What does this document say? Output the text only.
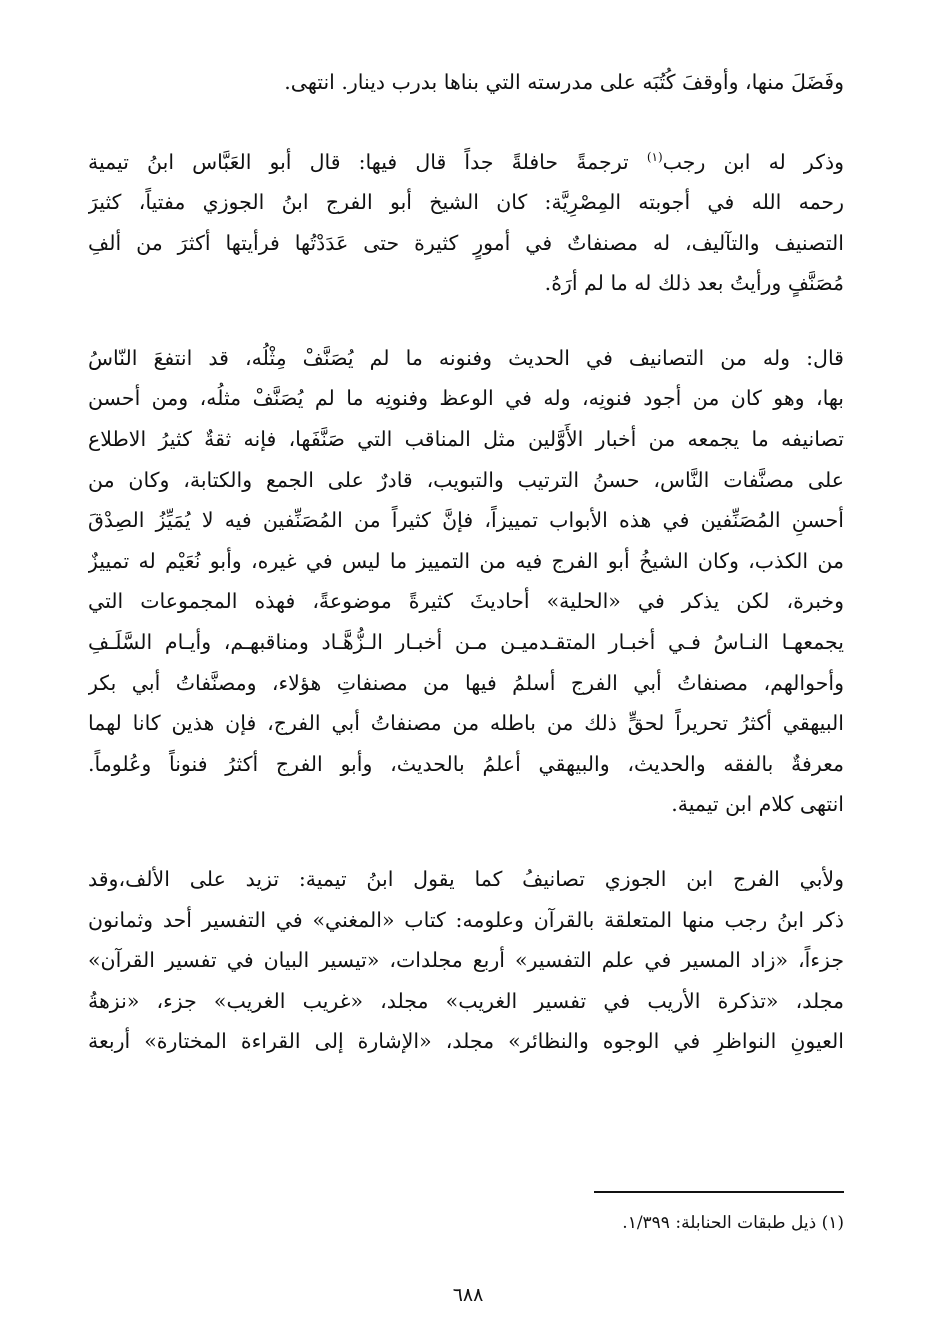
وفَضَلَ منها، وأوقفَ كُتُبَه على مدرسته التي بناها بدرب دينار. انتهى.

وذكر له ابن رجب$^{(١)}$ ترجمةً حافلةً جداً قال فيها: قال أبو العَبَّاس ابنُ تيمية
رحمه الله في أجوبته المِصْرِيَّة: كان الشيخ أبو الفرج ابنُ الجوزي مفتياً، كثيرَ
التصنيف والتآليف، له مصنفاتٌ في أمورٍ كثيرة حتى عَدَدْتُها فرأيتها أكثرَ من ألفِ
مُصَنَّفٍ ورأيتُ بعد ذلك له ما لم أرَهُ.

قال: وله من التصانيف في الحديث وفنونه ما لم يُصَنَّفْ مِثْلُه، قد انتفعَ النّاسُ
بها، وهو كان من أجود فنونِه، وله في الوعظ وفنونِه ما لم يُصَنَّفْ مثلُه، ومن أحسن
تصانيفه ما يجمعه من أخبار الأَوَّلين مثل المناقب التي صَنَّفَها، فإنه ثقةٌ كثيرُ الاطلاع
على مصنَّفات النَّاس، حسنُ الترتيب والتبويب، قادرٌ على الجمع والكتابة، وكان من
أحسنِ المُصَنِّفين في هذه الأبواب تمييزاً، فإنَّ كثيراً من المُصَنِّفين فيه لا يُمَيِّزُ الصِدْقَ
من الكذب، وكان الشيخُ أبو الفرج فيه من التمييز ما ليس في غيره، وأبو نُعَيْم له تمييزٌ
وخبرة، لكن يذكر في «الحلية» أحاديثَ كثيرةً موضوعةً، فهذه المجموعات التي
يجمعهـا النـاسُ فـي أخبـار المتقـدميـن مـن أخبـار الـزُّهَّـاد ومناقبهـم، وأيـام السَّلَـفِ
وأحوالهم، مصنفاتُ أبي الفرج أسلمُ فيها من مصنفاتِ هؤلاء، ومصنَّفاتُ أبي بكر
البيهقي أكثرُ تحريراً لحقٍّ ذلك من باطله من مصنفاتُ أبي الفرج، فإن هذين كانا لهما
معرفةٌ بالفقه والحديث، والبيهقي أعلمُ بالحديث، وأبو الفرج أكثرُ فنوناً وعُلوماً.
انتهى كلام ابن تيمية.

ولأبي الفرج ابن الجوزي تصانيفُ كما يقول ابنُ تيمية: تزيد على الألف،وقد
ذكر ابنُ رجب منها المتعلقة بالقرآن وعلومه: كتاب «المغني» في التفسير أحد وثمانون
جزءاً، «زاد المسير في علم التفسير» أربع مجلدات، «تيسير البيان في تفسير القرآن»
مجلد، «تذكرة الأريب في تفسير الغريب» مجلد، «غريب الغريب» جزء، «نزهةُ
العيونِ النواظرِ في الوجوه والنظائر» مجلد، «الإشارة إلى القراءة المختارة» أربعة

(١) ذيل طبقات الحنابلة: ١/٣٩٩.
٦٨٨
